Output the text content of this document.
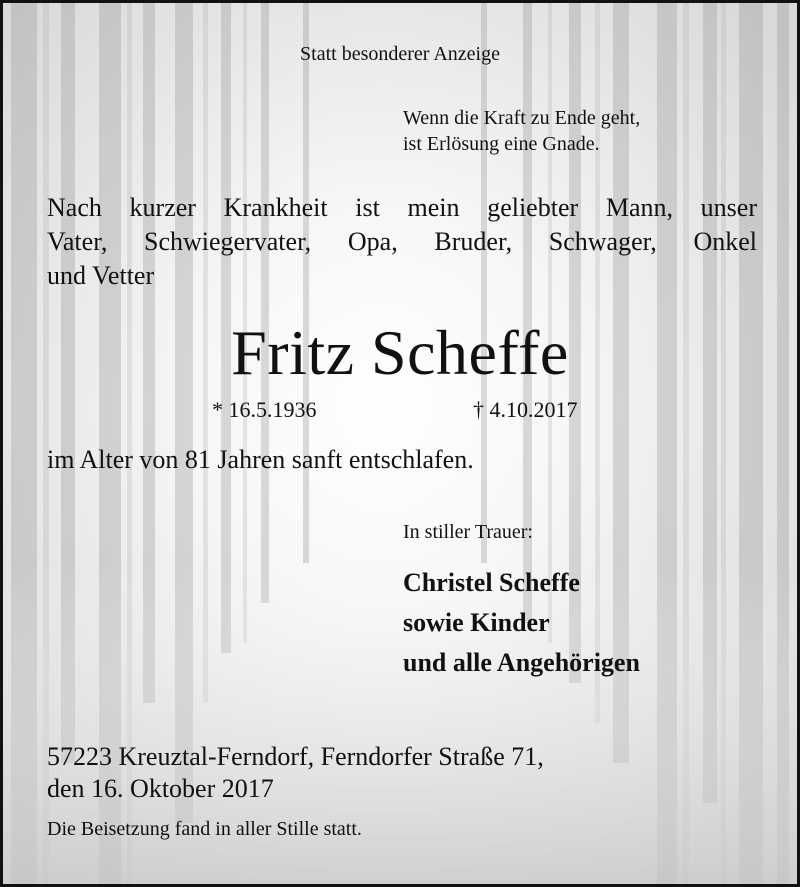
Statt besonderer Anzeige
Wenn die Kraft zu Ende geht,
ist Erlösung eine Gnade.
Nach kurzer Krankheit ist mein geliebter Mann, unser
Vater, Schwiegervater, Opa, Bruder, Schwager, Onkel
und Vetter
Fritz Scheffe
* 16.5.1936	† 4.10.2017
im Alter von 81 Jahren sanft entschlafen.
In stiller Trauer:
Christel Scheffe
sowie Kinder
und alle Angehörigen
57223 Kreuztal-Ferndorf, Ferndorfer Straße 71,
den 16. Oktober 2017
Die Beisetzung fand in aller Stille statt.
